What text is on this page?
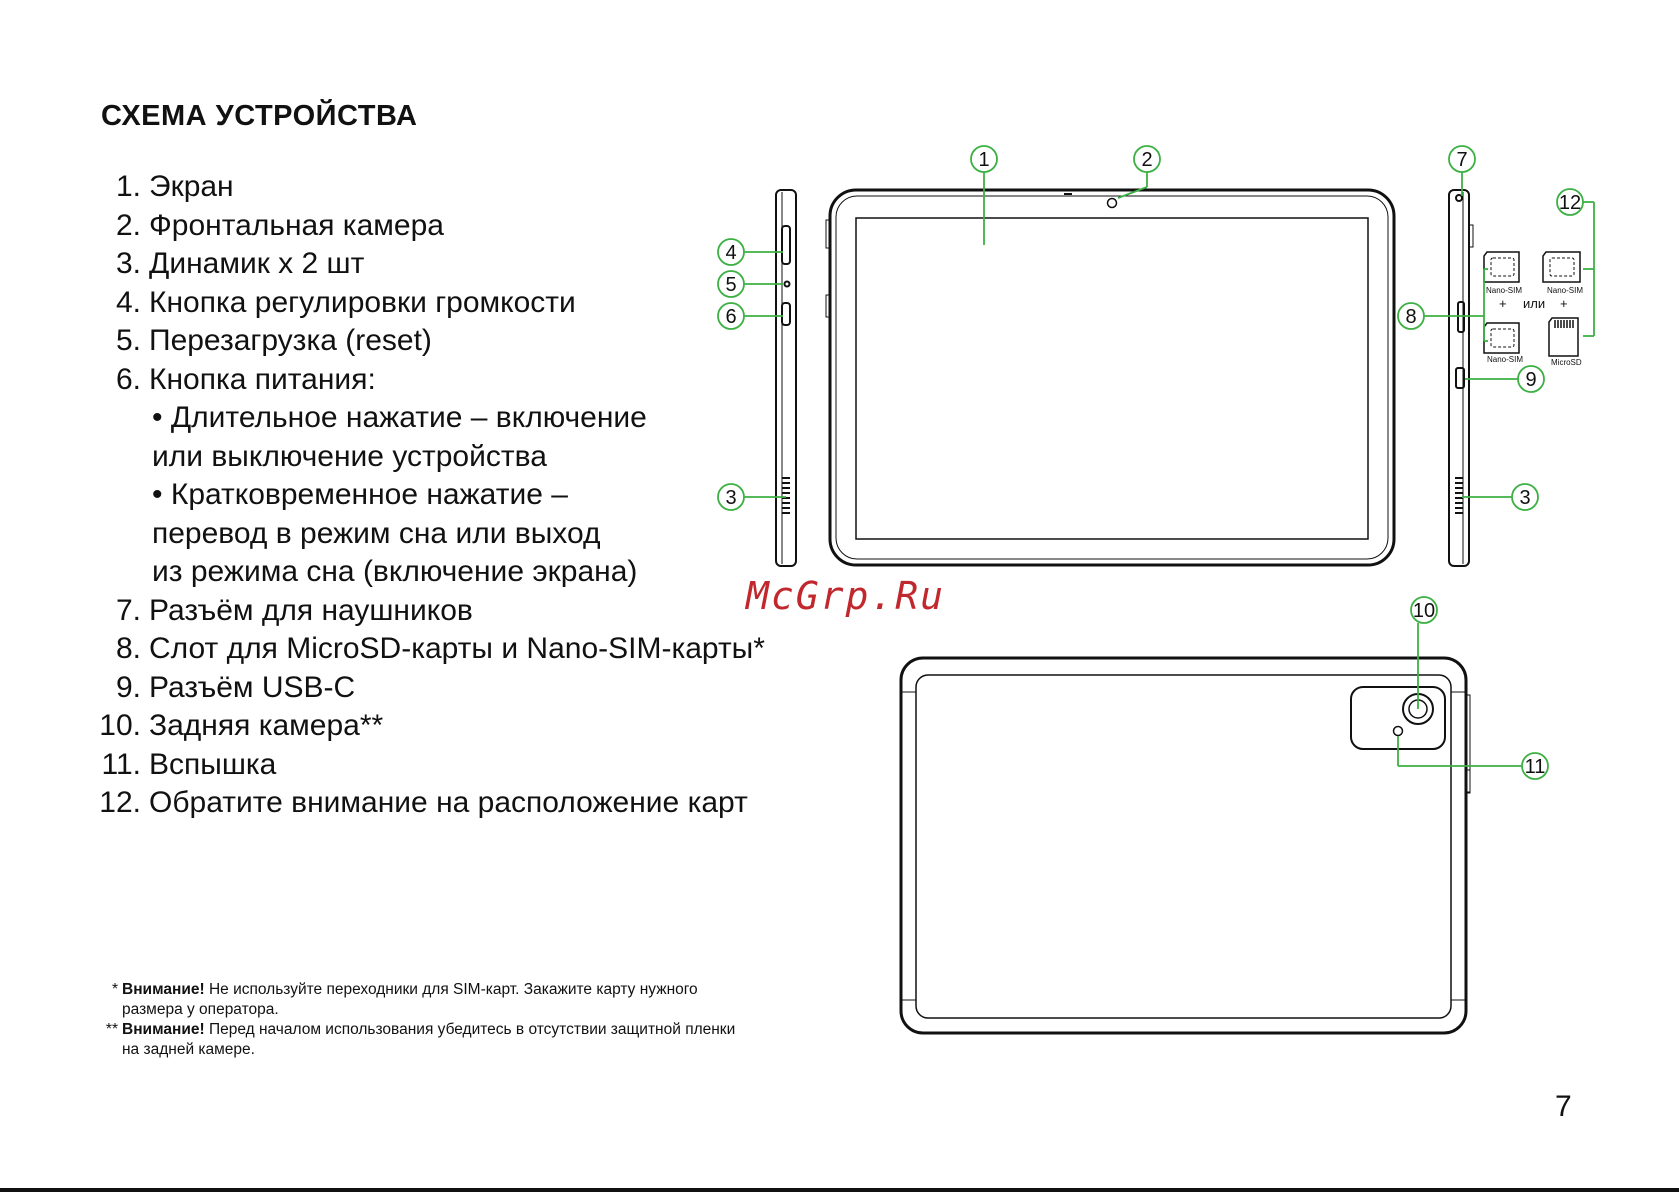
СХЕМА УСТРОЙСТВА
1. Экран
2. Фронтальная камера
3. Динамик х 2 шт
4. Кнопка регулировки громкости
5. Перезагрузка (reset)
6. Кнопка питания:
• Длительное нажатие – включение
или выключение устройства
• Кратковременное нажатие –
перевод в режим сна или выход
из режима сна (включение экрана)
7. Разъём для наушников
8. Слот для MicroSD-карты и Nano-SIM-карты*
9. Разъём USB-C
10. Задняя камера**
11. Вспышка
12. Обратите внимание на расположение карт
* Внимание! Не используйте переходники для SIM-карт. Закажите карту нужного
размера у оператора.
** Внимание! Перед началом использования убедитесь в отсутствии защитной пленки
на задней камере.
Nano-SIM	Nano-SIM
Nano-SIM	MicroSD
+	+
или
1	2
3	3
4
5
6
7
8
9
10
11
12
McGrp.Ru
7
